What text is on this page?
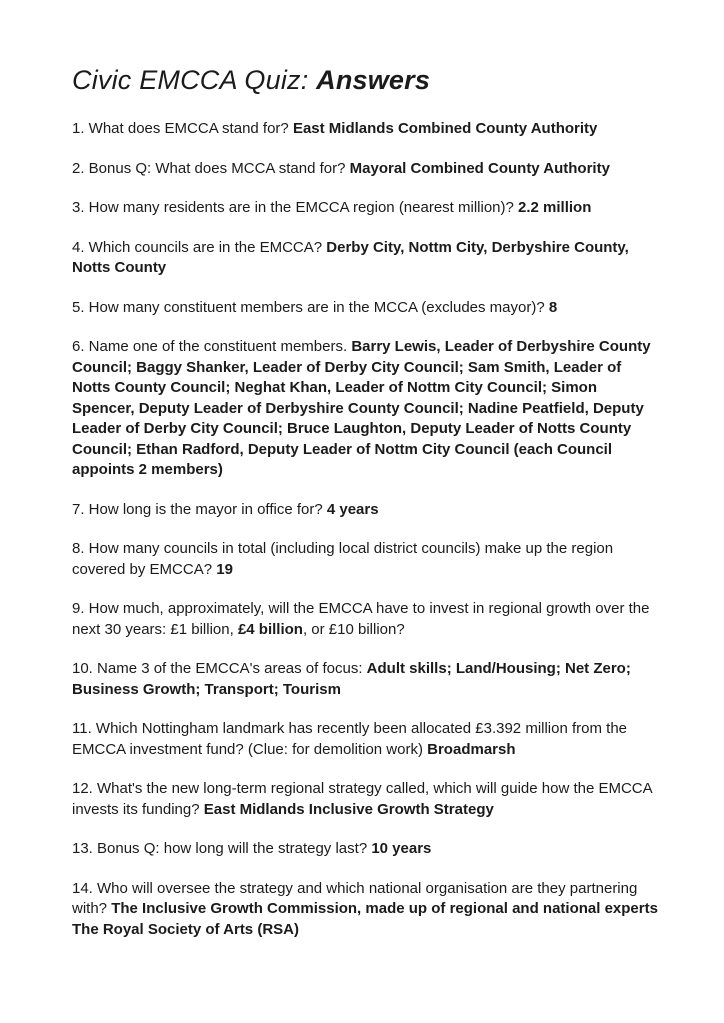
Civic EMCCA Quiz: Answers

1. What does EMCCA stand for? East Midlands Combined County Authority

2. Bonus Q: What does MCCA stand for? Mayoral Combined County Authority

3. How many residents are in the EMCCA region (nearest million)? 2.2 million

4. Which councils are in the EMCCA? Derby City, Nottm City, Derbyshire County, Notts County

5. How many constituent members are in the MCCA (excludes mayor)? 8

6. Name one of the constituent members. Barry Lewis, Leader of Derbyshire County Council; Baggy Shanker, Leader of Derby City Council; Sam Smith, Leader of Notts County Council; Neghat Khan, Leader of Nottm City Council; Simon Spencer, Deputy Leader of Derbyshire County Council; Nadine Peatfield, Deputy Leader of Derby City Council; Bruce Laughton, Deputy Leader of Notts County Council; Ethan Radford, Deputy Leader of Nottm City Council (each Council appoints 2 members)

7. How long is the mayor in office for? 4 years

8. How many councils in total (including local district councils) make up the region covered by EMCCA? 19

9. How much, approximately, will the EMCCA have to invest in regional growth over the next 30 years: £1 billion, £4 billion, or £10 billion?

10. Name 3 of the EMCCA's areas of focus: Adult skills; Land/Housing; Net Zero; Business Growth; Transport; Tourism

11. Which Nottingham landmark has recently been allocated £3.392 million from the EMCCA investment fund? (Clue: for demolition work) Broadmarsh

12. What's the new long-term regional strategy called, which will guide how the EMCCA invests its funding? East Midlands Inclusive Growth Strategy

13. Bonus Q: how long will the strategy last? 10 years

14. Who will oversee the strategy and which national organisation are they partnering with? The Inclusive Growth Commission, made up of regional and national experts The Royal Society of Arts (RSA)
